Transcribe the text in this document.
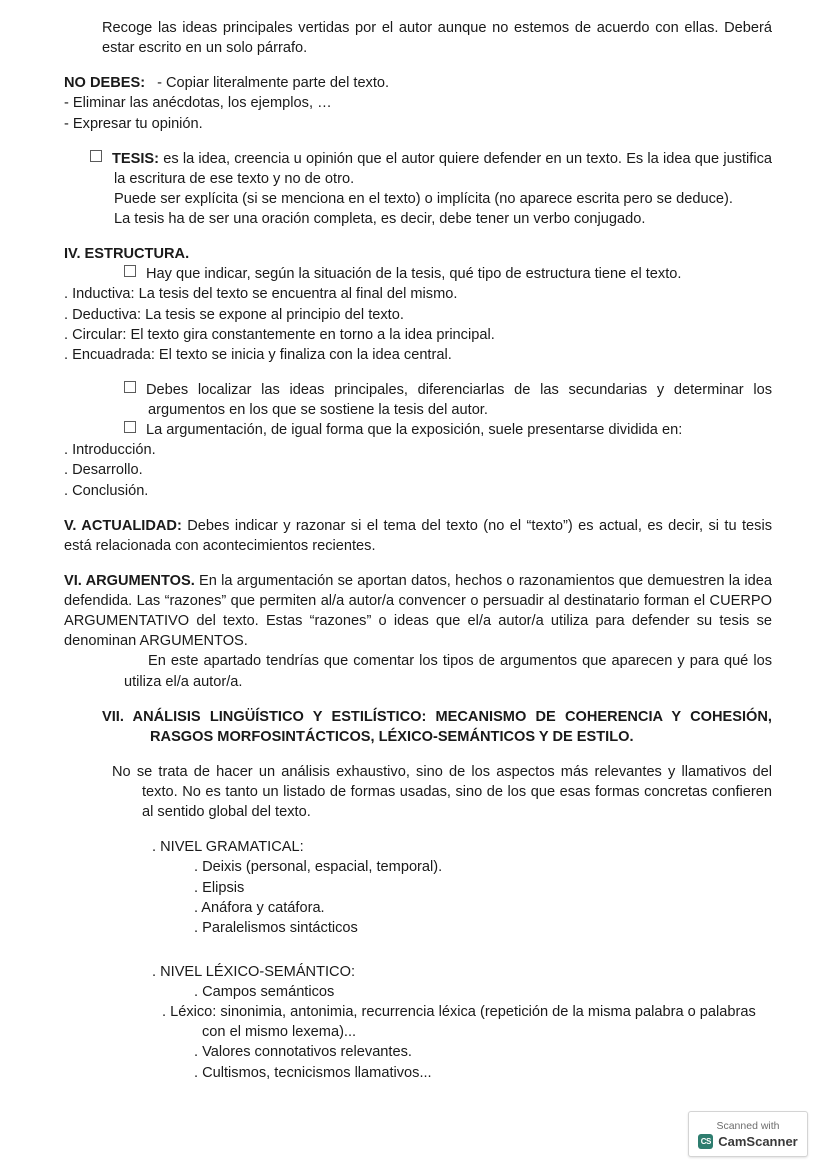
Recoge las ideas principales vertidas por el autor aunque no estemos de acuerdo con ellas. Deberá estar escrito en un solo párrafo.

NO DEBES: - Copiar literalmente parte del texto.

- Eliminar las anécdotas, los ejemplos, …

- Expresar tu opinión.

TESIS: es la idea, creencia u opinión que el autor quiere defender en un texto. Es la idea que justifica la escritura de ese texto y no de otro.

Puede ser explícita (si se menciona en el texto) o implícita (no aparece escrita pero se deduce).

La tesis ha de ser una oración completa, es decir, debe tener un verbo conjugado.

IV. ESTRUCTURA.

Hay que indicar, según la situación de la tesis, qué tipo de estructura tiene el texto.

. Inductiva: La tesis del texto se encuentra al final del mismo.

. Deductiva: La tesis se expone al principio del texto.

. Circular: El texto gira constantemente en torno a la idea principal.

. Encuadrada: El texto se inicia y finaliza con la idea central.

Debes localizar las ideas principales, diferenciarlas de las secundarias y determinar los argumentos en los que se sostiene la tesis del autor.

La argumentación, de igual forma que la exposición, suele presentarse dividida en:

. Introducción.

. Desarrollo.

. Conclusión.

V. ACTUALIDAD: Debes indicar y razonar si el tema del texto (no el “texto”) es actual, es decir, si tu tesis está relacionada con acontecimientos recientes.

VI. ARGUMENTOS. En la argumentación se aportan datos, hechos o razonamientos que demuestren la idea defendida. Las “razones” que permiten al/a autor/a convencer o persuadir al destinatario forman el CUERPO ARGUMENTATIVO del texto. Estas “razones” o ideas que el/a autor/a utiliza para defender su tesis se denominan ARGUMENTOS.

En este apartado tendrías que comentar los tipos de argumentos que aparecen y para qué los utiliza el/a autor/a.

VII. ANÁLISIS LINGÜÍSTICO Y ESTILÍSTICO: MECANISMO DE COHERENCIA Y COHESIÓN, RASGOS MORFOSINTÁCTICOS, LÉXICO-SEMÁNTICOS Y DE ESTILO.

No se trata de hacer un análisis exhaustivo, sino de los aspectos más relevantes y llamativos del texto. No es tanto un listado de formas usadas, sino de los que esas formas concretas confieren al sentido global del texto.

. NIVEL GRAMATICAL:

. Deixis (personal, espacial, temporal).

. Elipsis

. Anáfora y catáfora.

. Paralelismos sintácticos

. NIVEL LÉXICO-SEMÁNTICO:

. Campos semánticos

. Léxico: sinonimia, antonimia, recurrencia léxica (repetición de la misma palabra o palabras con el mismo lexema)...

. Valores connotativos relevantes.

. Cultismos, tecnicismos llamativos...

Scanned with
CS CamScanner
